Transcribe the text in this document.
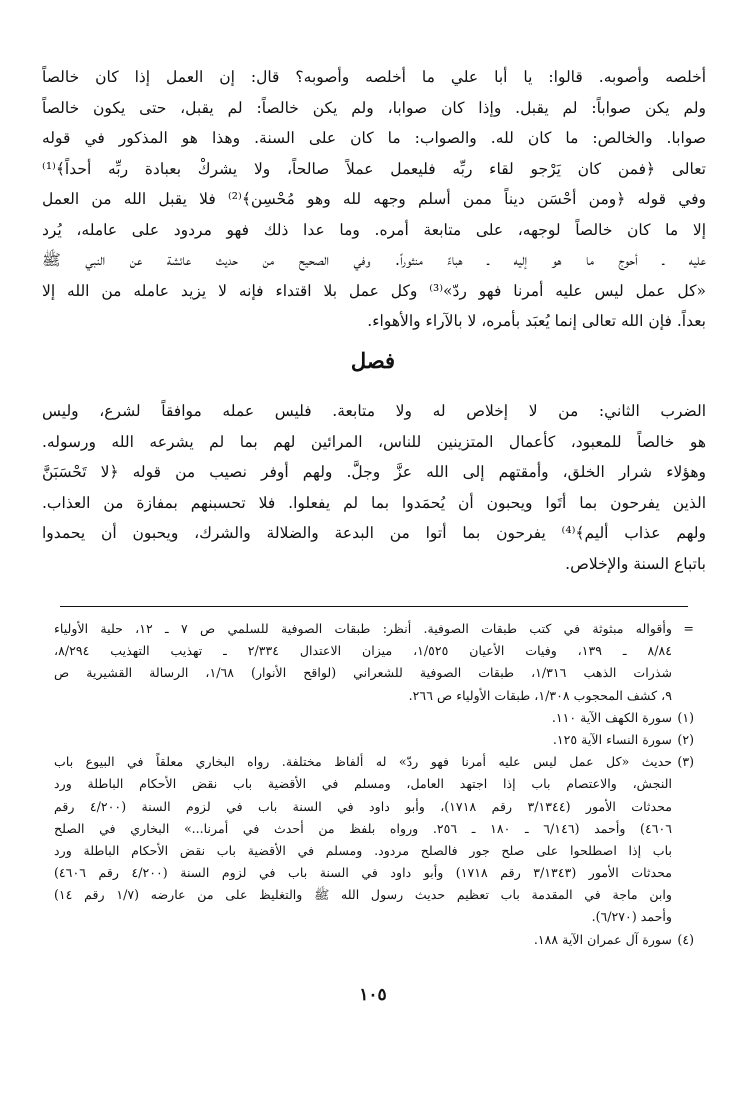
أخلصه وأصوبه. قالوا: يا أبا علي ما أخلصه وأصوبه؟ قال: إن العمل إذا كان خالصاً
ولم يكن صواباً: لم يقبل. وإذا كان صوابا، ولم يكن خالصاً: لم يقبل، حتى يكون خالصاً
صوابا. والخالص: ما كان لله. والصواب: ما كان على السنة. وهذا هو المذكور في قوله
تعالى ﴿فمن كان يَرْجو لقاء ربِّه فليعمل عملاً صالحاً، ولا يشركْ بعبادة ربِّه أحداً﴾⁽¹⁾
وفي قوله ﴿ومن أحْسَن ديناً ممن أسلم وجهه لله وهو مُحْسِن﴾⁽²⁾ فلا يقبل الله من العمل
إلا ما كان خالصاً لوجهه، على متابعة أمره. وما عدا ذلك فهو مردود على عامله، يُرد
عليه ـ أحوج ما هو إليه ـ هباءً منثوراً. وفي الصحيح من حديث عائشة عن النبي ﷺ
«كل عمل ليس عليه أمرنا فهو ردّ»⁽³⁾ وكل عمل بلا اقتداء فإنه لا يزيد عامله من الله إلا
بعداً. فإن الله تعالى إنما يُعبَد بأمره، لا بالآراء والأهواء.
فصل
الضرب الثاني: من لا إخلاص له ولا متابعة. فليس عمله موافقاً لشرع، وليس
هو خالصاً للمعبود، كأعمال المتزينين للناس، المرائين لهم بما لم يشرعه الله ورسوله.
وهؤلاء شرار الخلق، وأمقتهم إلى الله عزَّ وجلَّ. ولهم أوفر نصيب من قوله ﴿لا تَحْسَبَنَّ
الذين يفرحون بما أتَوا ويحبون أن يُحمَدوا بما لم يفعلوا. فلا تحسبنهم بمفازة من العذاب.
ولهم عذاب أليم﴾⁽⁴⁾ يفرحون بما أتوا من البدعة والضلالة والشرك، ويحبون أن يحمدوا
باتباع السنة والإخلاص.
=وأقواله مبثوثة في كتب طبقات الصوفية. أنظر: طبقات الصوفية للسلمي ص ٧ ـ ١٢، حلية الأولياء
٨/٨٤ ـ ١٣٩، وفيات الأعيان ١/٥٢٥، ميزان الاعتدال ٢/٣٣٤ ـ تهذيب التهذيب ٨/٢٩٤،
شذرات الذهب ١/٣١٦، طبقات الصوفية للشعراني (لواقح الأنوار) ١/٦٨، الرسالة القشيرية ص
٩، كشف المحجوب ١/٣٠٨، طبقات الأولياء ص ٢٦٦.
(١)سورة الكهف الآية ١١٠.
(٢)سورة النساء الآية ١٢٥.
(٣)حديث «كل عمل ليس عليه أمرنا فهو ردّ» له ألفاظ مختلفة. رواه البخاري معلقاً في البيوع باب
النجش، والاعتصام باب إذا اجتهد العامل، ومسلم في الأقضية باب نقض الأحكام الباطلة ورد
محدثات الأمور (٣/١٣٤٤ رقم ١٧١٨)، وأبو داود في السنة باب في لزوم السنة (٤/٢٠٠ رقم
٤٦٠٦) وأحمد (٦/١٤٦ ـ ١٨٠ ـ ٢٥٦. ورواه بلفظ من أحدث في أمرنا...» البخاري في الصلح
باب إذا اصطلحوا على صلح جور فالصلح مردود. ومسلم في الأقضية باب نقض الأحكام الباطلة ورد
محدثات الأمور (٣/١٣٤٣ رقم ١٧١٨) وأبو داود في السنة باب في لزوم السنة (٤/٢٠٠ رقم ٤٦٠٦)
وابن ماجة في المقدمة باب تعظيم حديث رسول الله ﷺ والتغليظ على من عارضه (١/٧ رقم ١٤)
وأحمد (٦/٢٧٠).
(٤)سورة آل عمران الآية ١٨٨.
١٠٥
